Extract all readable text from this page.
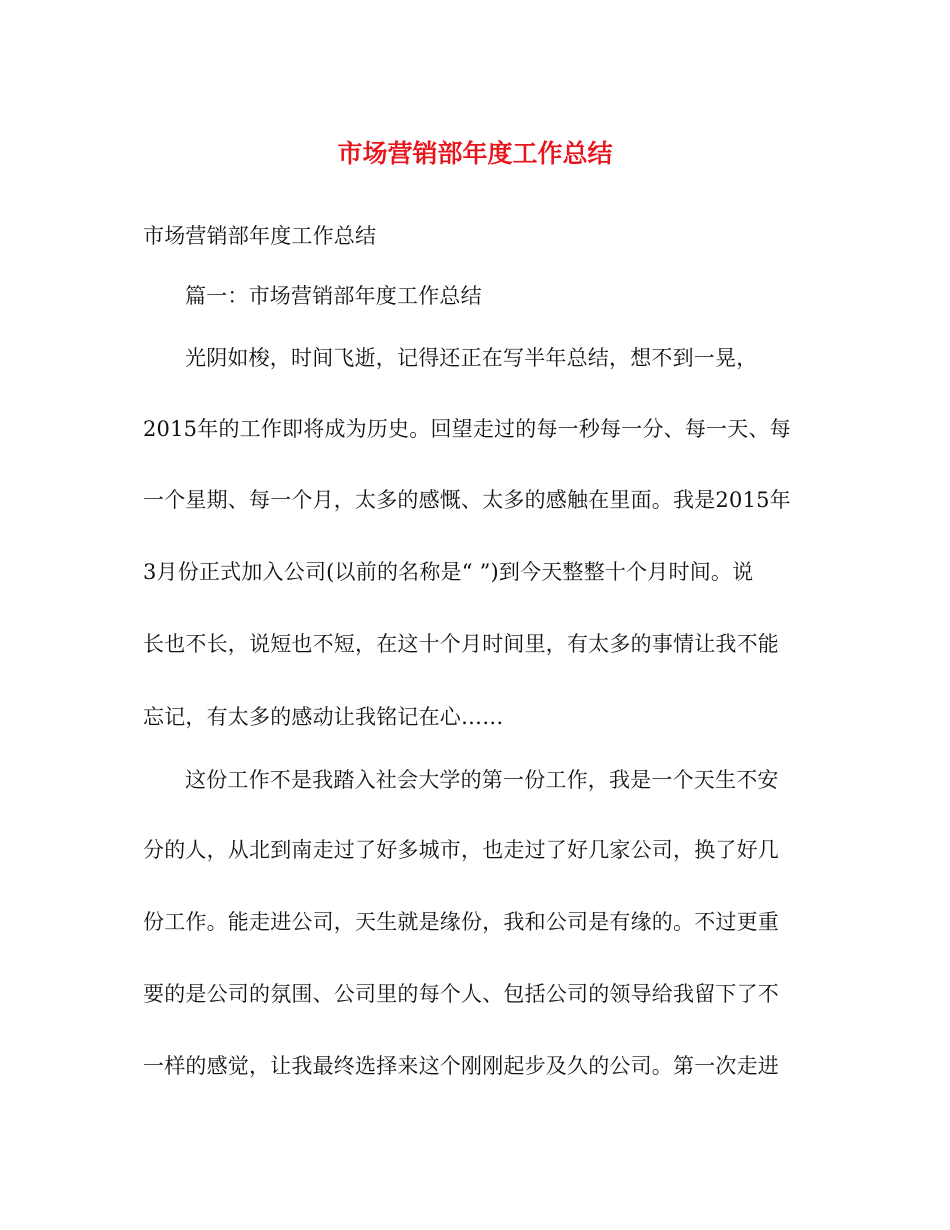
市场营销部年度工作总结
市场营销部年度工作总结
篇一：市场营销部年度工作总结
光阴如梭，时间飞逝，记得还正在写半年总结，想不到一晃，
2015年的工作即将成为历史。回望走过的每一秒每一分、每一天、每
一个星期、每一个月，太多的感慨、太多的感触在里面。我是2015年
3月份正式加入公司(以前的名称是“ ”)到今天整整十个月时间。说
长也不长，说短也不短，在这十个月时间里，有太多的事情让我不能
忘记，有太多的感动让我铭记在心……
这份工作不是我踏入社会大学的第一份工作，我是一个天生不安
分的人，从北到南走过了好多城市，也走过了好几家公司，换了好几
份工作。能走进公司，天生就是缘份，我和公司是有缘的。不过更重
要的是公司的氛围、公司里的每个人、包括公司的领导给我留下了不
一样的感觉，让我最终选择来这个刚刚起步及久的公司。第一次走进
